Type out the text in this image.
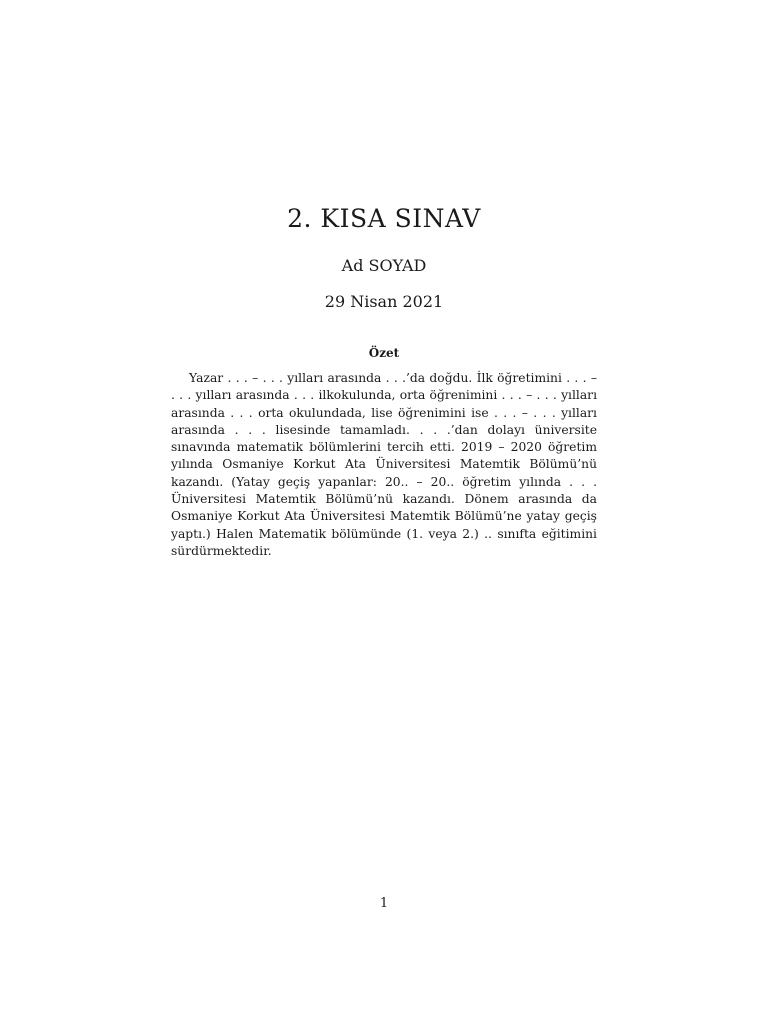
2. KISA SINAV

Ad SOYAD

29 Nisan 2021

Özet

Yazar . . . – . . . yılları arasında . . .’da doğdu. İlk öğretimini . . . – . . . yılları arasında . . . ilkokulunda, orta öğrenimini . . . – . . . yılları arasında . . . orta okulundada, lise öğrenimini ise . . . – . . . yılları arasında . . . lisesinde tamamladı. . . .’dan dolayı üniversite sınavında matematik bölümlerini tercih etti. 2019 – 2020 öğretim yılında Osmaniye Korkut Ata Üniversitesi Matemtik Bölümü’nü kazandı. (Yatay geçiş yapanlar: 20.. – 20.. öğretim yılında . . . Üniversitesi Matemtik Bölümü’nü kazandı. Dönem arasında da Osmaniye Korkut Ata Üniversitesi Matemtik Bölümü’ne yatay geçiş yaptı.) Halen Matematik bölümünde (1. veya 2.) .. sınıfta eğitimini sürdürmektedir.

1
